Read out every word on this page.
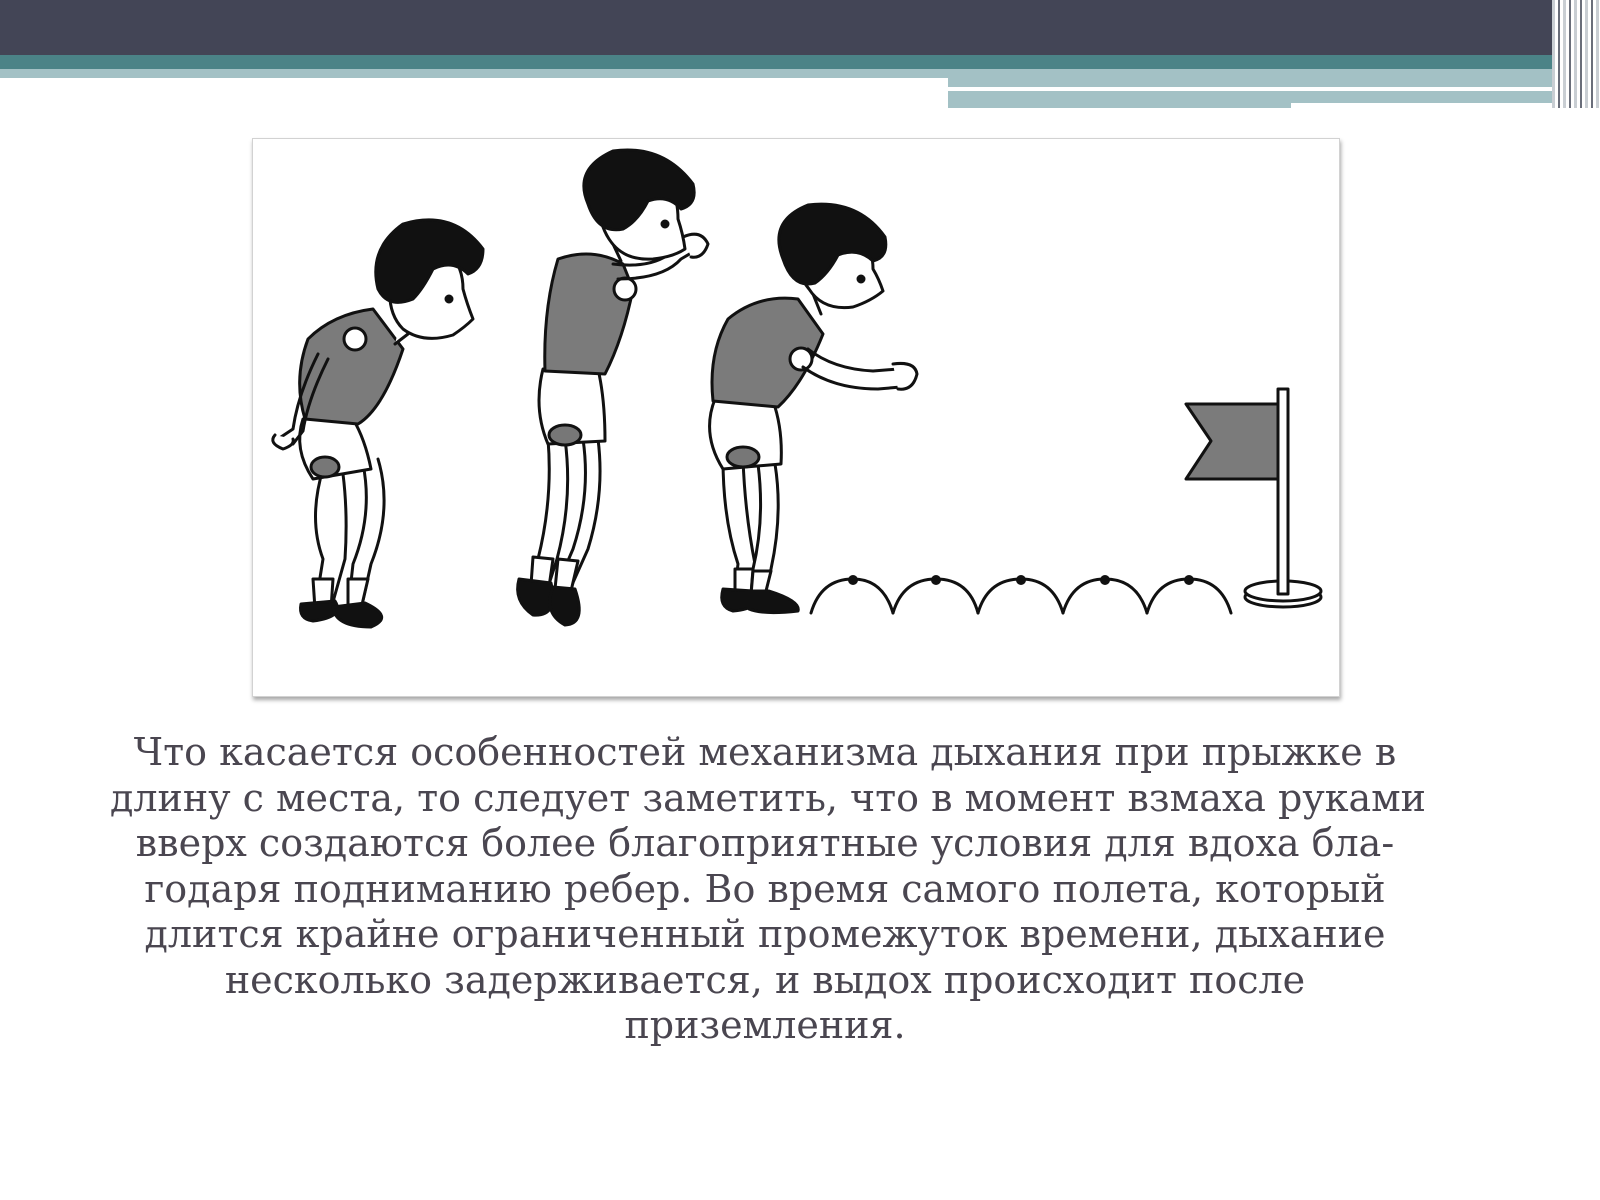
Что касается особенностей механизма дыхания при прыжке в
длину с места, то следует заметить, что в момент взмаха руками
вверх создаются более благоприятные условия для вдоха бла-
годаря подниманию ребер. Во время самого полета, который
длится крайне ограниченный промежуток времени, дыхание
несколько задерживается, и выдох происходит после
приземления.
